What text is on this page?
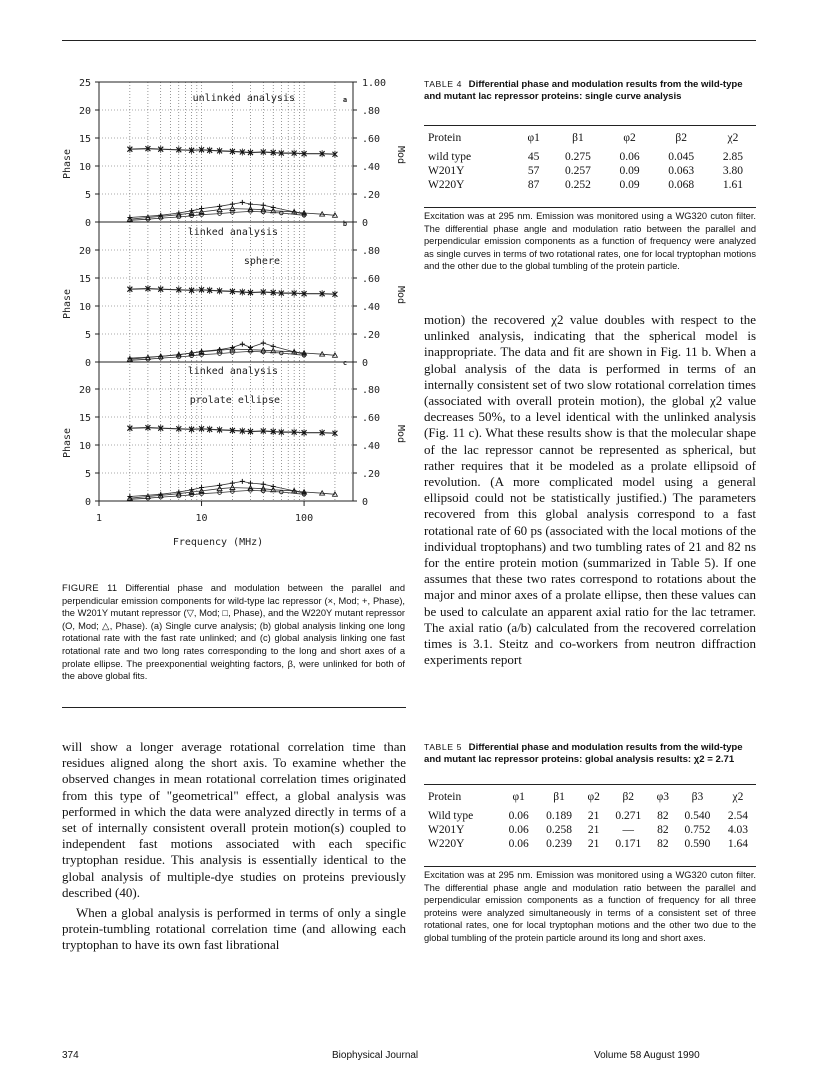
0
5
10
15
20
25
0
.20
.40
.60
.80
1.00
Phase	Mod
unlinked analysis	a
0
5
10
15
20
0
.20
.40
.60
.80
Phase	Mod
linked analysis
sphere
b
0
5
10
15
20
0
.20
.40
.60
.80
Phase	Mod
linked analysis
prolate ellipse
c
1	10	100
Frequency (MHz)
FIGURE 11 Differential phase and modulation between the parallel and perpendicular emission components for wild-type lac repressor (×, Mod; +, Phase), the W201Y mutant repressor (▽, Mod; □, Phase), and the W220Y mutant repressor (O, Mod; △, Phase). (a) Single curve analysis; (b) global analysis linking one long rotational rate with the fast rate unlinked; and (c) global analysis linking one fast rotational rate and two long rates corresponding to the long and short axes of a prolate ellipse. The preexponential weighting factors, β, were unlinked for both of the above global fits.
TABLE 4 Differential phase and modulation results from the wild-type and mutant lac repressor proteins: single curve analysis
Protein	φ1	β1	φ2	β2	χ2
wild type	45	0.275	0.06	0.045	2.85
W201Y	57	0.257	0.09	0.063	3.80
W220Y	87	0.252	0.09	0.068	1.61
Excitation was at 295 nm. Emission was monitored using a WG320 cuton filter. The differential phase angle and modulation ratio between the parallel and perpendicular emission components as a function of frequency were analyzed as single curves in terms of two rotational rates, one for local tryptophan motions and the other due to the global tumbling of the protein particle.

motion) the recovered χ2 value doubles with respect to the unlinked analysis, indicating that the spherical model is inappropriate. The data and fit are shown in Fig. 11 b. When a global analysis of the data is performed in terms of an internally consistent set of two slow rotational correlation times (associated with overall protein motion), the global χ2 value decreases 50%, to a level identical with the unlinked analysis (Fig. 11 c). What these results show is that the molecular shape of the lac repressor cannot be represented as spherical, but rather requires that it be modeled as a prolate ellipsoid of revolution. (A more complicated model using a general ellipsoid could not be statistically justified.) The parameters recovered from this global analysis correspond to a fast rotational rate of 60 ps (associated with the local motions of the individual troptophans) and two tumbling rates of 21 and 82 ns for the entire protein motion (summarized in Table 5). If one assumes that these two rates correspond to rotations about the major and minor axes of a prolate ellipse, then these values can be used to calculate an apparent axial ratio for the lac tetramer. The axial ratio (a/b) calculated from the recovered correlation times is 3.1. Steitz and co-workers from neutron diffraction experiments report

TABLE 5 Differential phase and modulation results from the wild-type and mutant lac repressor proteins: global analysis results: χ2 = 2.71
Protein	φ1	β1	φ2	β2	φ3	β3	χ2
Wild type	0.06	0.189	21	0.271	82	0.540	2.54
W201Y	0.06	0.258	21	—	82	0.752	4.03
W220Y	0.06	0.239	21	0.171	82	0.590	1.64
Excitation was at 295 nm. Emission was monitored using a WG320 cuton filter. The differential phase angle and modulation ratio between the parallel and perpendicular emission components as a function of frequency for all three proteins were analyzed simultaneously in terms of a consistent set of three rotational rates, one for local tryptophan motions and the other two due to the global tumbling of the protein particle around its long and short axes.

will show a longer average rotational correlation time than residues aligned along the short axis. To examine whether the observed changes in mean rotational correlation times originated from this type of "geometrical" effect, a global analysis was performed in which the data were analyzed directly in terms of a set of internally consistent overall protein motion(s) coupled to independent fast motions associated with each specific tryptophan residue. This analysis is essentially identical to the global analysis of multiple-dye studies on proteins previously described (40).

When a global analysis is performed in terms of only a single protein-tumbling rotational correlation time (and allowing each tryptophan to have its own fast librational

374	Biophysical Journal	Volume 58 August 1990
